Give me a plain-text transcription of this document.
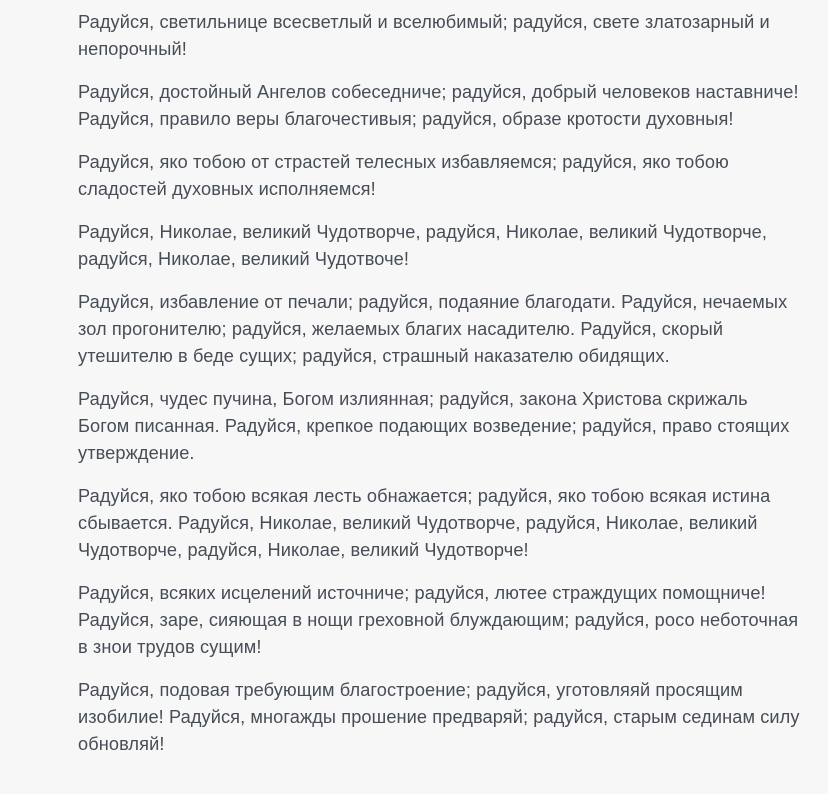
Радуйся, светильнице всесветлый и вселюбимый; радуйся, свете златозарный и непорочный!

Радуйся, достойный Ангелов собеседниче; радуйся, добрый человеков наставниче! Радуйся, правило веры благочестивыя; радуйся, образе кротости духовныя!

Радуйся, яко тобою от страстей телесных избавляемся; радуйся, яко тобою сладостей духовных исполняемся!

Радуйся, Николае, великий Чудотворче, радуйся, Николае, великий Чудотворче, радуйся, Николае, великий Чудотвоче!

Радуйся, избавление от печали; радуйся, подаяние благодати. Радуйся, нечаемых зол прогонителю; радуйся, желаемых благих насадителю. Радуйся, скорый утешителю в беде сущих; радуйся, страшный наказателю обидящих.

Радуйся, чудес пучина, Богом излиянная; радуйся, закона Христова скрижаль Богом писанная. Радуйся, крепкое подающих возведение; радуйся, право стоящих утверждение.

Радуйся, яко тобою всякая лесть обнажается; радуйся, яко тобою всякая истина сбывается. Радуйся, Николае, великий Чудотворче, радуйся, Николае, великий Чудотворче, радуйся, Николае, великий Чудотворче!

Радуйся, всяких исцелений источниче; радуйся, лютее страждущих помощниче! Радуйся, заре, сияющая в нощи греховной блуждающим; радуйся, росо неботочная в знои трудов сущим!

Радуйся, подовая требующим благостроение; радуйся, уготовляяй просящим изобилие! Радуйся, многажды прошение предваряй; радуйся, старым сединам силу обновляй!
